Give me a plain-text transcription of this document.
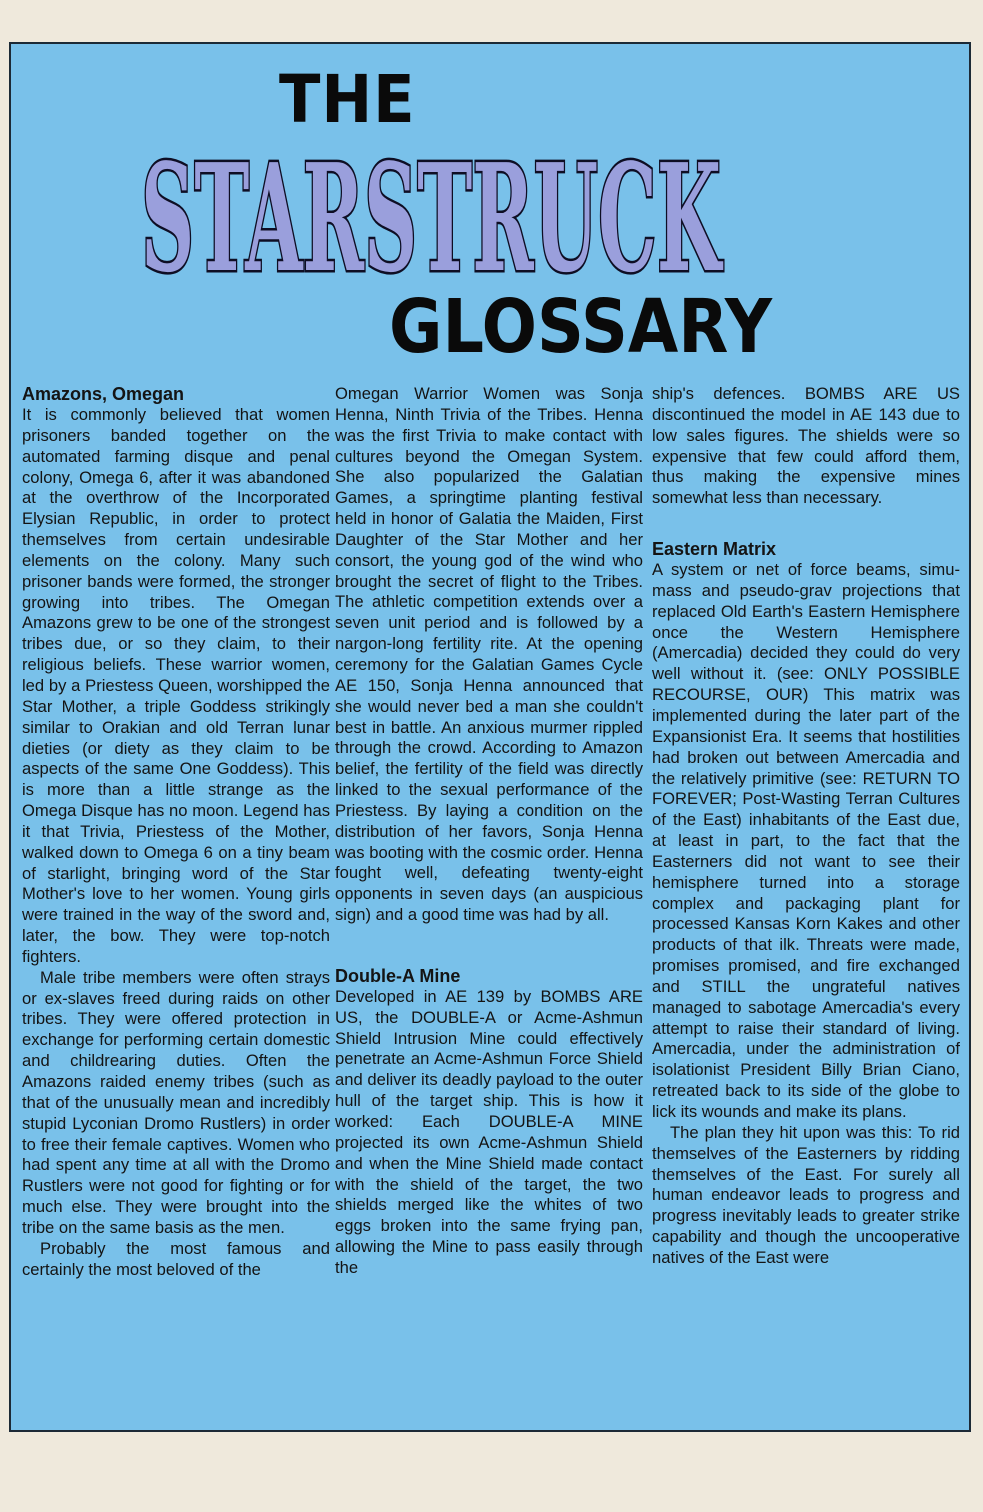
THE
STARSTRUCK
GLOSSARY

Amazons, Omegan

It is commonly believed that women prisoners banded together on the automated farming disque and penal colony, Omega 6, after it was abandoned at the overthrow of the Incorporated Elysian Republic, in order to protect themselves from certain undesirable elements on the colony. Many such prisoner bands were formed, the stronger growing into tribes. The Omegan Amazons grew to be one of the strongest tribes due, or so they claim, to their religious beliefs. These warrior women, led by a Priestess Queen, worshipped the Star Mother, a triple Goddess strikingly similar to Orakian and old Terran lunar dieties (or diety as they claim to be aspects of the same One Goddess). This is more than a little strange as the Omega Disque has no moon. Legend has it that Trivia, Priestess of the Mother, walked down to Omega 6 on a tiny beam of starlight, bringing word of the Star Mother's love to her women. Young girls were trained in the way of the sword and, later, the bow. They were top-notch fighters.

Male tribe members were often strays or ex-slaves freed during raids on other tribes. They were offered protection in exchange for performing certain domestic and childrearing duties. Often the Amazons raided enemy tribes (such as that of the unusually mean and incredibly stupid Lyconian Dromo Rustlers) in order to free their female captives. Women who had spent any time at all with the Dromo Rustlers were not good for fighting or for much else. They were brought into the tribe on the same basis as the men.

Probably the most famous and certainly the most beloved of the

Omegan Warrior Women was Sonja Henna, Ninth Trivia of the Tribes. Henna was the first Trivia to make contact with cultures beyond the Omegan System. She also popularized the Galatian Games, a springtime planting festival held in honor of Galatia the Maiden, First Daughter of the Star Mother and her consort, the young god of the wind who brought the secret of flight to the Tribes. The athletic competition extends over a seven unit period and is followed by a nargon-long fertility rite. At the opening ceremony for the Galatian Games Cycle AE 150, Sonja Henna announced that she would never bed a man she couldn't best in battle. An anxious murmer rippled through the crowd. According to Amazon belief, the fertility of the field was directly linked to the sexual performance of the Priestess. By laying a condition on the distribution of her favors, Sonja Henna was booting with the cosmic order. Henna fought well, defeating twenty-eight opponents in seven days (an auspicious sign) and a good time was had by all.

Double-A Mine

Developed in AE 139 by BOMBS ARE US, the DOUBLE-A or Acme-Ashmun Shield Intrusion Mine could effectively penetrate an Acme-Ashmun Force Shield and deliver its deadly payload to the outer hull of the target ship. This is how it worked: Each DOUBLE-A MINE projected its own Acme-Ashmun Shield and when the Mine Shield made contact with the shield of the target, the two shields merged like the whites of two eggs broken into the same frying pan, allowing the Mine to pass easily through the

ship's defences. BOMBS ARE US discontinued the model in AE 143 due to low sales figures. The shields were so expensive that few could afford them, thus making the expensive mines somewhat less than necessary.

Eastern Matrix

A system or net of force beams, simu-mass and pseudo-grav projections that replaced Old Earth's Eastern Hemisphere once the Western Hemisphere (Amercadia) decided they could do very well without it. (see: ONLY POSSIBLE RECOURSE, OUR) This matrix was implemented during the later part of the Expansionist Era. It seems that hostilities had broken out between Amercadia and the relatively primitive (see: RETURN TO FOREVER; Post-Wasting Terran Cultures of the East) inhabitants of the East due, at least in part, to the fact that the Easterners did not want to see their hemisphere turned into a storage complex and packaging plant for processed Kansas Korn Kakes and other products of that ilk. Threats were made, promises promised, and fire exchanged and STILL the ungrateful natives managed to sabotage Amercadia's every attempt to raise their standard of living. Amercadia, under the administration of isolationist President Billy Brian Ciano, retreated back to its side of the globe to lick its wounds and make its plans.

The plan they hit upon was this: To rid themselves of the Easterners by ridding themselves of the East. For surely all human endeavor leads to progress and progress inevitably leads to greater strike capability and though the uncooperative natives of the East were
